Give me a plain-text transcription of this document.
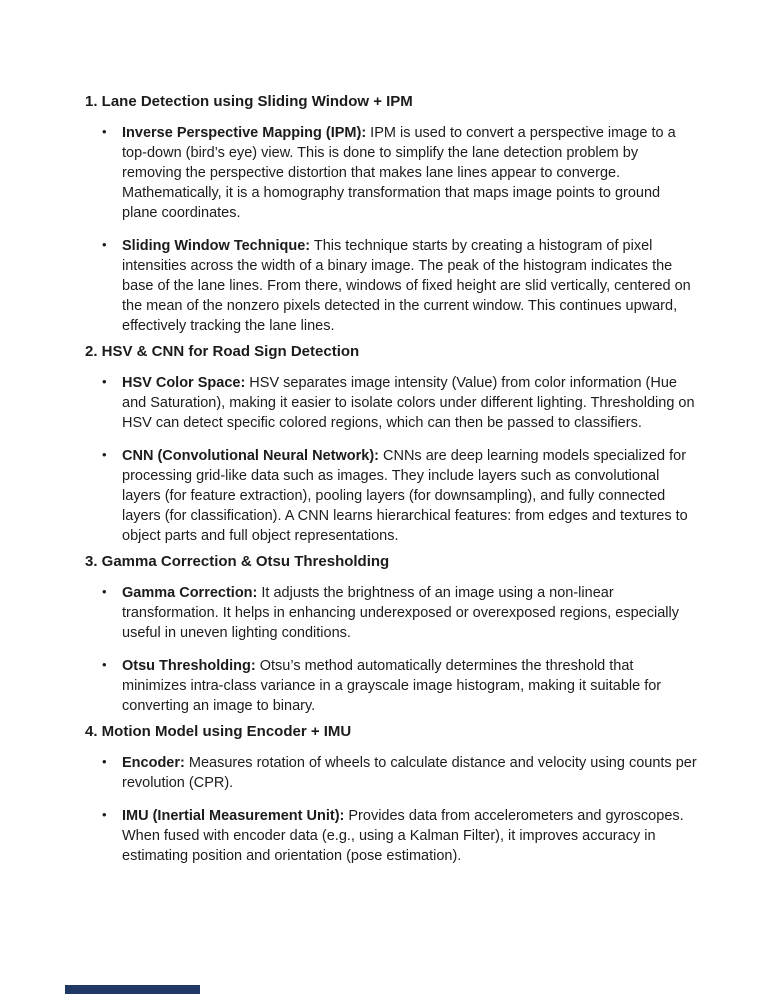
1. Lane Detection using Sliding Window + IPM
• Inverse Perspective Mapping (IPM): IPM is used to convert a perspective image to a top-down (bird’s eye) view. This is done to simplify the lane detection problem by removing the perspective distortion that makes lane lines appear to converge. Mathematically, it is a homography transformation that maps image points to ground plane coordinates.
• Sliding Window Technique: This technique starts by creating a histogram of pixel intensities across the width of a binary image. The peak of the histogram indicates the base of the lane lines. From there, windows of fixed height are slid vertically, centered on the mean of the nonzero pixels detected in the current window. This continues upward, effectively tracking the lane lines.
2. HSV & CNN for Road Sign Detection
• HSV Color Space: HSV separates image intensity (Value) from color information (Hue and Saturation), making it easier to isolate colors under different lighting. Thresholding on HSV can detect specific colored regions, which can then be passed to classifiers.
• CNN (Convolutional Neural Network): CNNs are deep learning models specialized for processing grid-like data such as images. They include layers such as convolutional layers (for feature extraction), pooling layers (for downsampling), and fully connected layers (for classification). A CNN learns hierarchical features: from edges and textures to object parts and full object representations.
3. Gamma Correction & Otsu Thresholding
• Gamma Correction: It adjusts the brightness of an image using a non-linear transformation. It helps in enhancing underexposed or overexposed regions, especially useful in uneven lighting conditions.
• Otsu Thresholding: Otsu’s method automatically determines the threshold that minimizes intra-class variance in a grayscale image histogram, making it suitable for converting an image to binary.
4. Motion Model using Encoder + IMU
• Encoder: Measures rotation of wheels to calculate distance and velocity using counts per revolution (CPR).
• IMU (Inertial Measurement Unit): Provides data from accelerometers and gyroscopes. When fused with encoder data (e.g., using a Kalman Filter), it improves accuracy in estimating position and orientation (pose estimation).
